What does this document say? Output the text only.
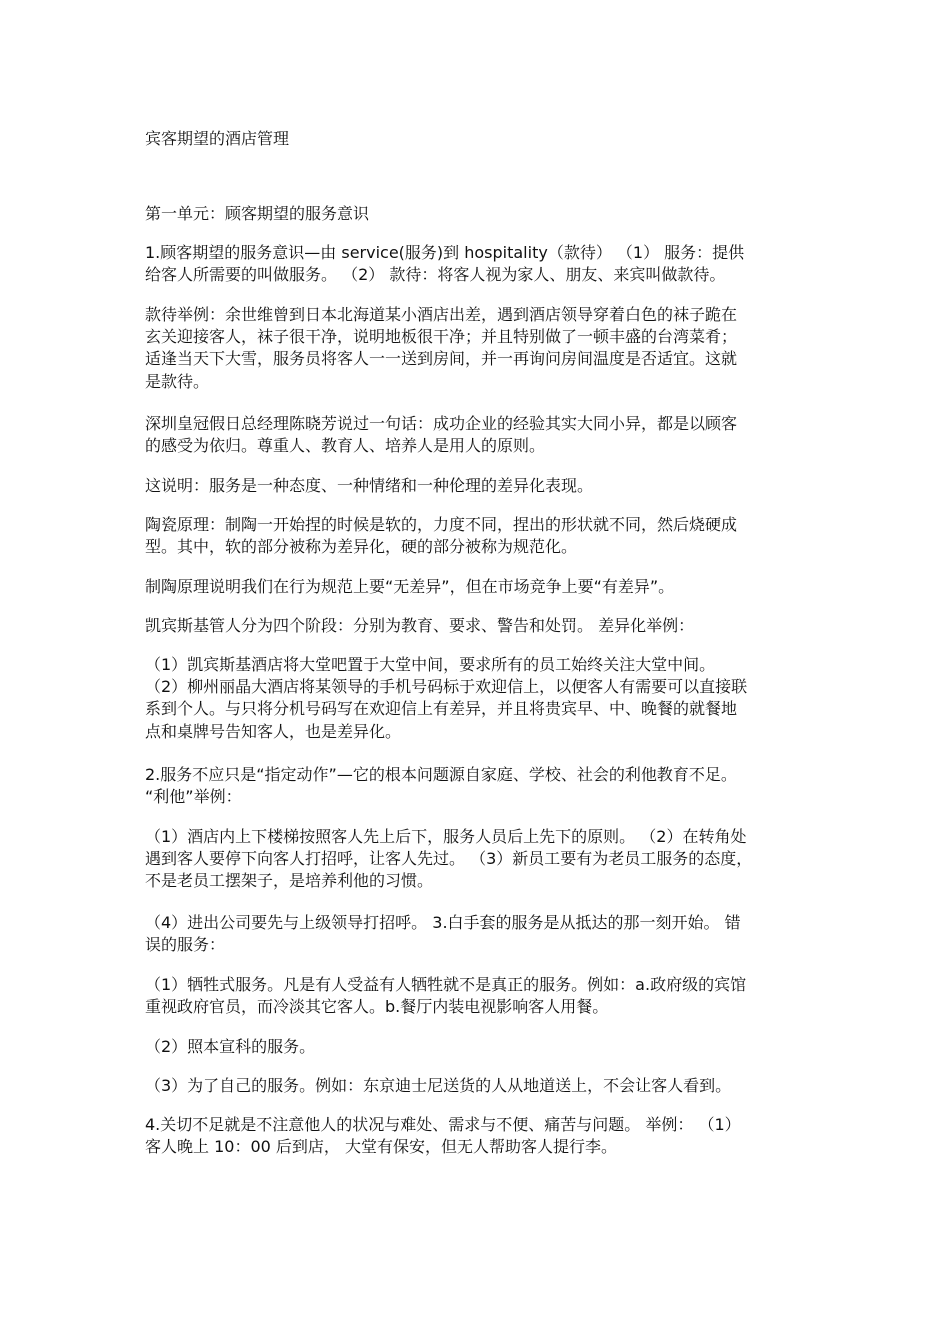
宾客期望的酒店管理
第一单元：顾客期望的服务意识
1.顾客期望的服务意识—由 service(服务)到 hospitality（款待） （1） 服务：提供
给客人所需要的叫做服务。 （2） 款待：将客人视为家人、朋友、来宾叫做款待。
款待举例：余世维曾到日本北海道某小酒店出差，遇到酒店领导穿着白色的袜子跪在
玄关迎接客人，袜子很干净，说明地板很干净；并且特别做了一顿丰盛的台湾菜肴；
适逢当天下大雪，服务员将客人一一送到房间，并一再询问房间温度是否适宜。这就
是款待。
深圳皇冠假日总经理陈晓芳说过一句话：成功企业的经验其实大同小异，都是以顾客
的感受为依归。尊重人、教育人、培养人是用人的原则。
这说明：服务是一种态度、一种情绪和一种伦理的差异化表现。
陶瓷原理：制陶一开始捏的时候是软的，力度不同，捏出的形状就不同，然后烧硬成
型。其中，软的部分被称为差异化，硬的部分被称为规范化。
制陶原理说明我们在行为规范上要“无差异”，但在市场竞争上要“有差异”。
凯宾斯基管人分为四个阶段：分别为教育、要求、警告和处罚。 差异化举例：
（1）凯宾斯基酒店将大堂吧置于大堂中间，要求所有的员工始终关注大堂中间。
（2）柳州丽晶大酒店将某领导的手机号码标于欢迎信上，以便客人有需要可以直接联
系到个人。与只将分机号码写在欢迎信上有差异，并且将贵宾早、中、晚餐的就餐地
点和桌牌号告知客人，也是差异化。
2.服务不应只是“指定动作”—它的根本问题源自家庭、学校、社会的利他教育不足。
“利他”举例：
（1）酒店内上下楼梯按照客人先上后下，服务人员后上先下的原则。 （2）在转角处
遇到客人要停下向客人打招呼，让客人先过。 （3）新员工要有为老员工服务的态度，
不是老员工摆架子，是培养利他的习惯。
（4）进出公司要先与上级领导打招呼。 3.白手套的服务是从抵达的那一刻开始。 错
误的服务：
（1）牺牲式服务。凡是有人受益有人牺牲就不是真正的服务。例如：a.政府级的宾馆
重视政府官员，而冷淡其它客人。b.餐厅内装电视影响客人用餐。
（2）照本宣科的服务。
（3）为了自己的服务。例如：东京迪士尼送货的人从地道送上，不会让客人看到。
4.关切不足就是不注意他人的状况与难处、需求与不便、痛苦与问题。 举例： （1）
客人晚上 10：00 后到店， 大堂有保安，但无人帮助客人提行李。
